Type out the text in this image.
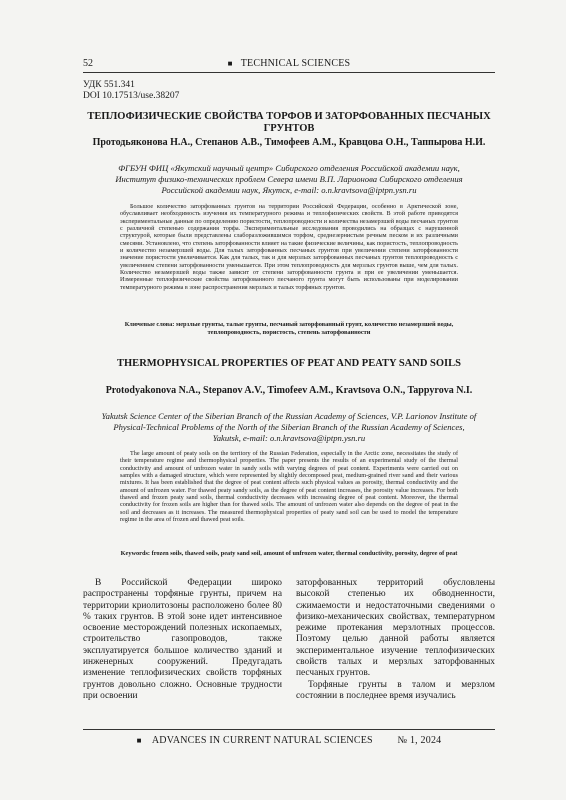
52
■	TECHNICAL SCIENCES
УДК 551.341
DOI 10.17513/use.38207
ТЕПЛОФИЗИЧЕСКИЕ СВОЙСТВА ТОРФОВ И ЗАТОРФОВАННЫХ ПЕСЧАНЫХ ГРУНТОВ
Протодьяконова Н.А., Степанов А.В., Тимофеев А.М., Кравцова О.Н., Таппырова Н.И.
ФГБУН ФИЦ «Якутский научный центр» Сибирского отделения Российской академии наук, Институт физико-технических проблем Севера имени В.П. Ларионова Сибирского отделения Российской академии наук, Якутск, e-mail: o.n.kravtsova@iptpn.ysn.ru
Большое количество заторфованных грунтов на территории Российской Федерации, особенно в Арктической зоне, обуславливает необходимость изучения их температурного режима и теплофизических свойств. В этой работе приводятся экспериментальные данные по определению пористости, теплопроводности и количества незамерзшей воды песчаных грунтов с различной степенью содержания торфа. Экспериментальные исследования проводились на образцах с нарушенной структурой, которые были представлены слаборазложившимся торфом, среднезернистым речным песком и их различными смесями. Установлено, что степень заторфованности влияет на такие физические величины, как пористость, теплопроводность и количество незамерзшей воды. Для талых заторфованных песчаных грунтов при увеличении степени заторфованности значение пористости увеличивается. Как для талых, так и для мерзлых заторфованных песчаных грунтов теплопроводность с увеличением степени заторфованности уменьшается. При этом теплопроводность для мерзлых грунтов выше, чем для талых. Количество незамерзшей воды также зависит от степени заторфованности грунта и при ее увеличении уменьшается. Измеренные теплофизические свойства заторфованного песчаного грунта могут быть использованы при моделировании температурного режима в зоне распространения мерзлых и талых торфяных грунтов.
Ключевые слова: мерзлые грунты, талые грунты, песчаный заторфованный грунт, количество незамерзшей воды, теплопроводность, пористость, степень заторфованности
THERMOPHYSICAL PROPERTIES OF PEAT AND PEATY SAND SOILS
Protodyakonova N.A., Stepanov A.V., Timofeev A.M., Kravtsova O.N., Tappyrova N.I.
Yakutsk Science Center of the Siberian Branch of the Russian Academy of Sciences, V.P. Larionov Institute of Physical-Technical Problems of the North of the Siberian Branch of the Russian Academy of Sciences, Yakutsk, e-mail: o.n.kravtsova@iptpn.ysn.ru
The large amount of peaty soils on the territory of the Russian Federation, especially in the Arctic zone, necessitates the study of their temperature regime and thermophysical properties. The paper presents the results of an experimental study of the thermal conductivity and amount of unfrozen water in sandy soils with varying degrees of peat content. Experiments were carried out on samples with a damaged structure, which were represented by slightly decomposed peat, medium-grained river sand and their various mixtures. It has been established that the degree of peat content affects such physical values as porosity, thermal conductivity and the amount of unfrozen water. For thawed peaty sandy soils, as the degree of peat content increases, the porosity value increases. For both thawed and frozen peaty sand soils, thermal conductivity decreases with increasing degree of peat content. Moreover, the thermal conductivity for frozen soils are higher than for thawed soils. The amount of unfrozen water also depends on the degree of peat in the soil and decreases as it increases. The measured thermophysical properties of peaty sand soil can be used to model the temperature regime in the area of frozen and thawed peat soils.
Keywords: frozen soils, thawed soils, peaty sand soil, amount of unfrozen water, thermal conductivity, porosity, degree of peat

В Российской Федерации широко распространены торфяные грунты, причем на территории криолитозоны расположено более 80 % таких грунтов. В этой зоне идет интенсивное освоение месторождений полезных ископаемых, строительство газопроводов, также эксплуатируется большое количество зданий и инженерных сооружений. Предугадать изменение теплофизических свойств торфяных грунтов довольно сложно. Основные трудности при освоении

заторфованных территорий обусловлены высокой степенью их обводненности, сжимаемости и недостаточными сведениями о физико-механических свойствах, температурном режиме протекания мерзлотных процессов. Поэтому целью данной работы является экспериментальное изучение теплофизических свойств талых и мерзлых заторфованных песчаных грунтов.

Торфяные грунты в талом и мерзлом состоянии в последнее время изучались

■ ADVANCES IN CURRENT NATURAL SCIENCES № 1, 2024
